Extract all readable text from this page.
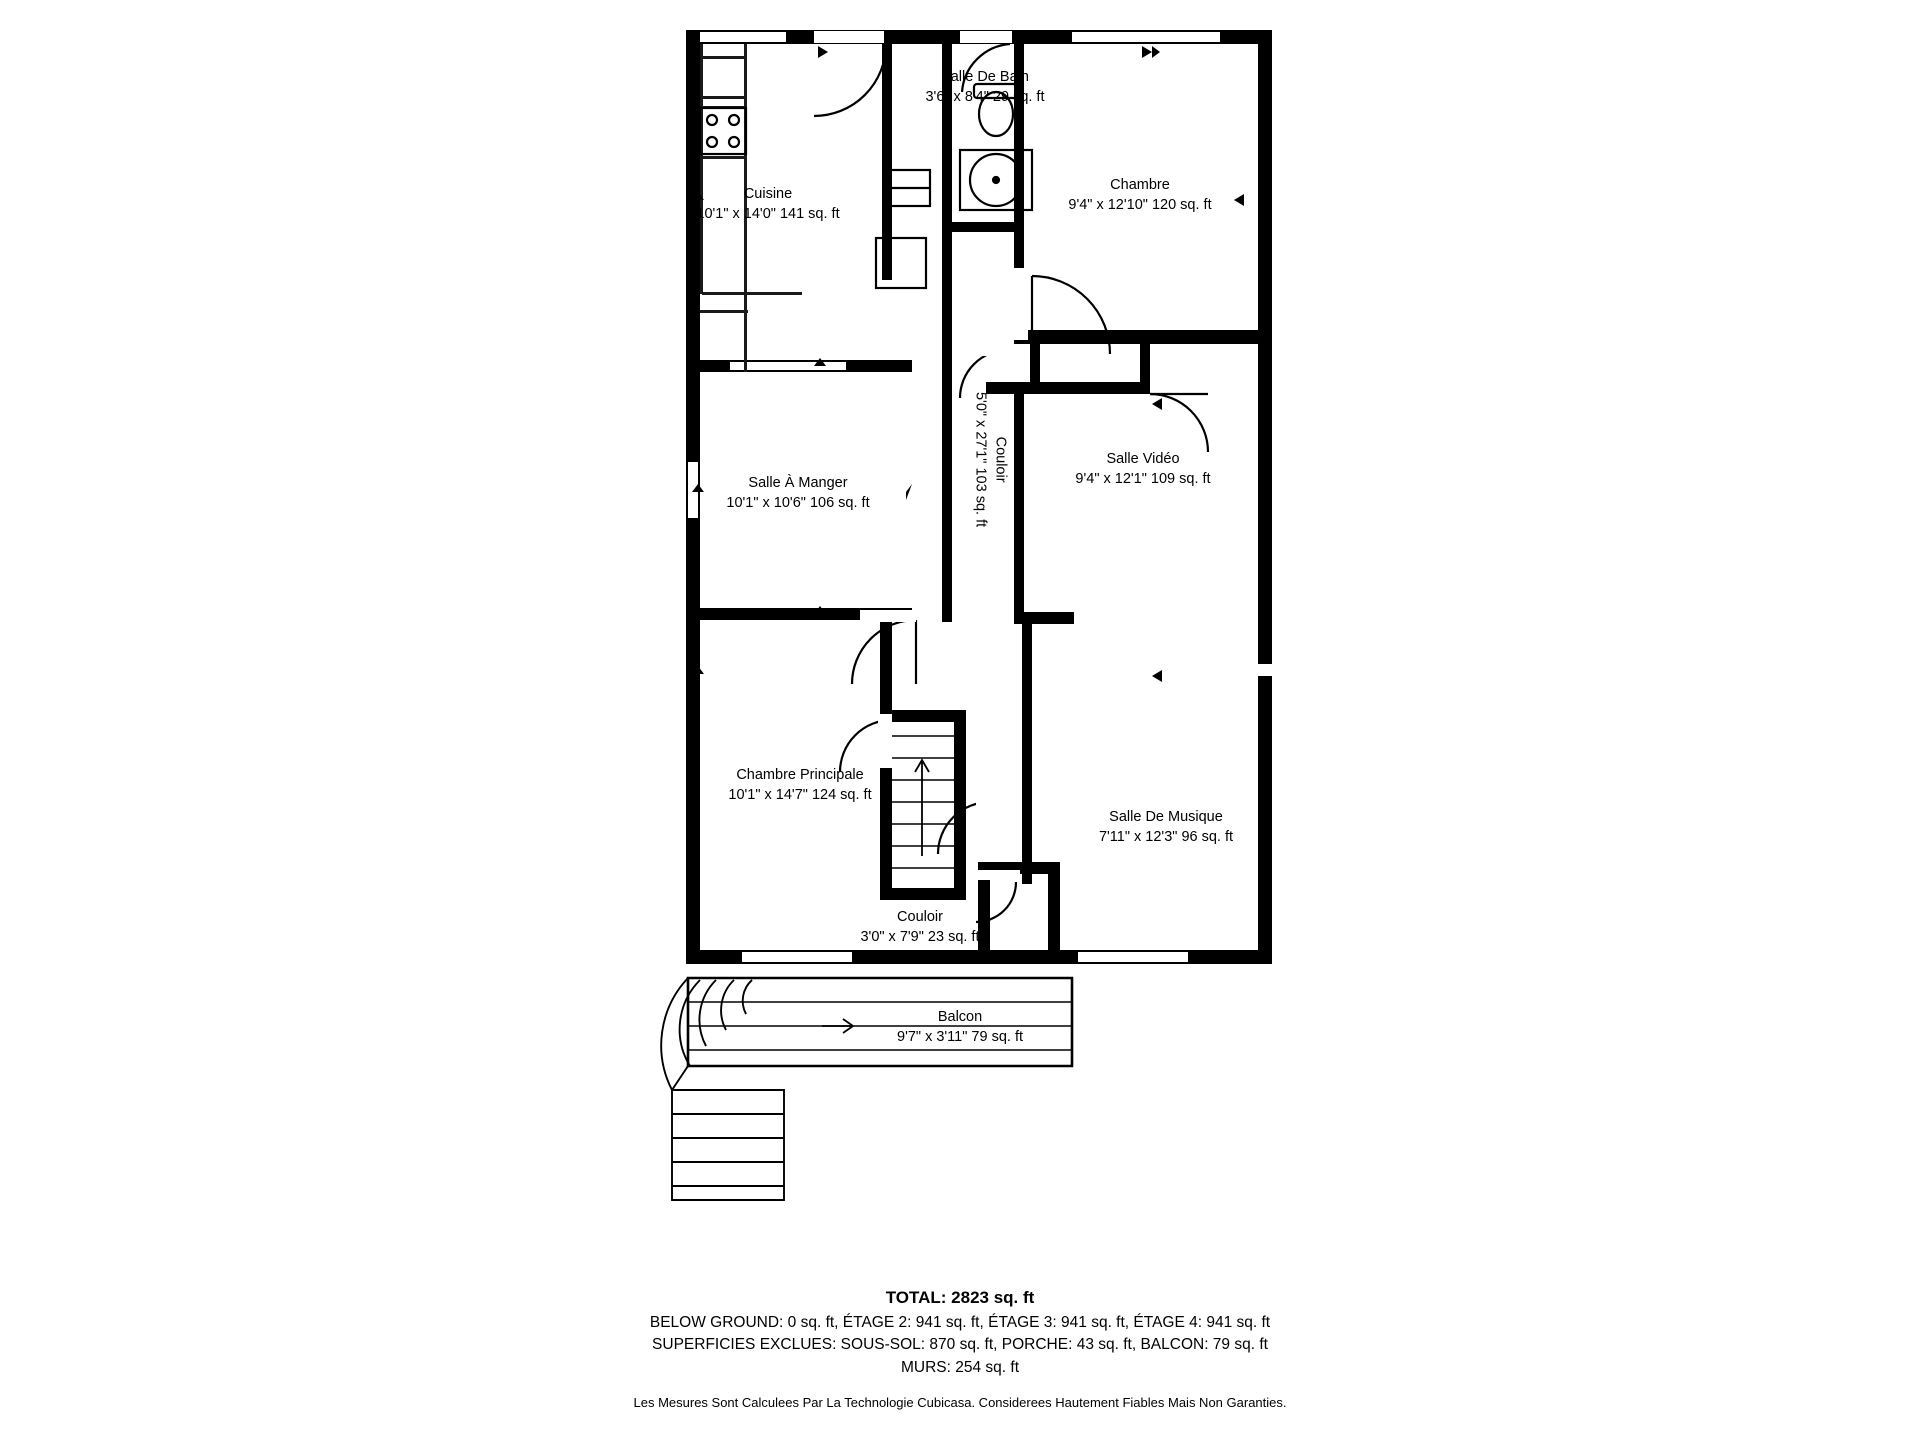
Cuisine
10'1" x 14'0" 141 sq. ft
Salle De Bain
3'6" x 8'4" 29 sq. ft
Chambre
9'4" x 12'10" 120 sq. ft
Salle À Manger
10'1" x 10'6" 106 sq. ft
Salle Vidéo
9'4" x 12'1" 109 sq. ft
Couloir
5'0" x 27'1" 103 sq. ft
Chambre Principale
10'1" x 14'7" 124 sq. ft
Salle De Musique
7'11" x 12'3" 96 sq. ft
Couloir
3'0" x 7'9" 23 sq. ft
Balcon
9'7" x 3'11" 79 sq. ft
TOTAL: 2823 sq. ft
BELOW GROUND: 0 sq. ft, ÉTAGE 2: 941 sq. ft, ÉTAGE 3: 941 sq. ft, ÉTAGE 4: 941 sq. ft
SUPERFICIES EXCLUES: SOUS-SOL: 870 sq. ft, PORCHE: 43 sq. ft, BALCON: 79 sq. ft
MURS: 254 sq. ft
Les Mesures Sont Calculees Par La Technologie Cubicasa. Considerees Hautement Fiables Mais Non Garanties.
